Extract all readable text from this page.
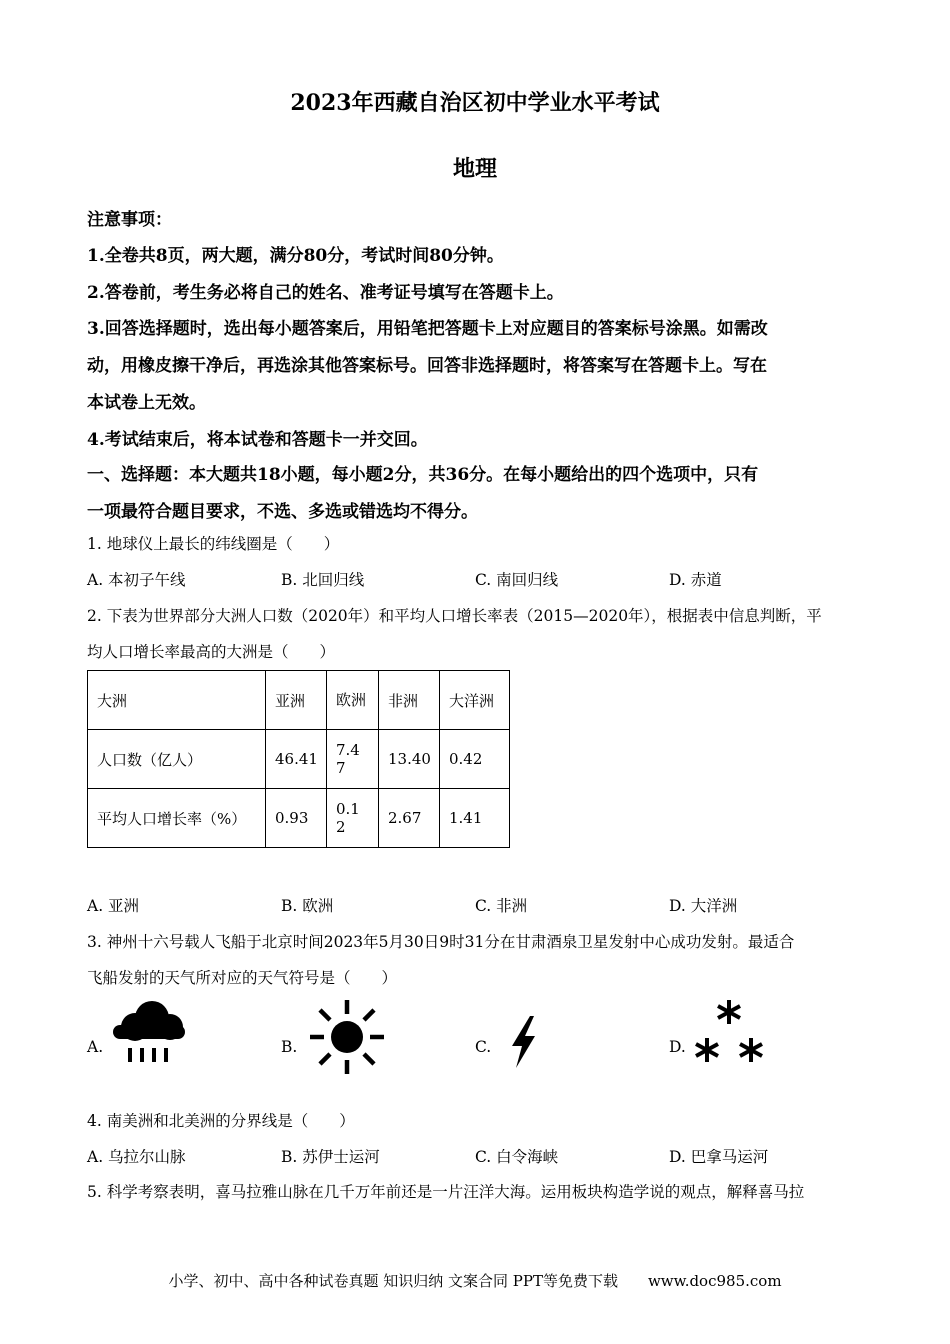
2023年西藏自治区初中学业水平考试
地理
注意事项：
1.全卷共8页，两大题，满分80分，考试时间80分钟。
2.答卷前，考生务必将自己的姓名、准考证号填写在答题卡上。
3.回答选择题时，选出每小题答案后，用铅笔把答题卡上对应题目的答案标号涂黑。如需改
动，用橡皮擦干净后，再选涂其他答案标号。回答非选择题时，将答案写在答题卡上。写在
本试卷上无效。
4.考试结束后，将本试卷和答题卡一并交回。
一、选择题：本大题共18小题，每小题2分，共36分。在每小题给出的四个选项中，只有
一项最符合题目要求，不选、多选或错选均不得分。
1. 地球仪上最长的纬线圈是（　　）
A. 本初子午线	B. 北回归线	C. 南回归线	D. 赤道
2. 下表为世界部分大洲人口数（2020年）和平均人口增长率表（2015—2020年），根据表中信息判断，平
均人口增长率最高的大洲是（　　）
大洲	亚洲	欧洲	非洲	大洋洲
人口数（亿人）	46.41	7.47	13.40	0.42
平均人口增长率（%）	0.93	0.12	2.67	1.41
A. 亚洲	B. 欧洲	C. 非洲	D. 大洋洲
3. 神州十六号载人飞船于北京时间2023年5月30日9时31分在甘肃酒泉卫星发射中心成功发射。最适合
飞船发射的天气所对应的天气符号是（　　）
A.	B.	C.	D.
4. 南美洲和北美洲的分界线是（　　）
A. 乌拉尔山脉	B. 苏伊士运河	C. 白令海峡	D. 巴拿马运河
5. 科学考察表明，喜马拉雅山脉在几千万年前还是一片汪洋大海。运用板块构造学说的观点，解释喜马拉
小学、初中、高中各种试卷真题 知识归纳 文案合同 PPT等免费下载　　www.doc985.com
